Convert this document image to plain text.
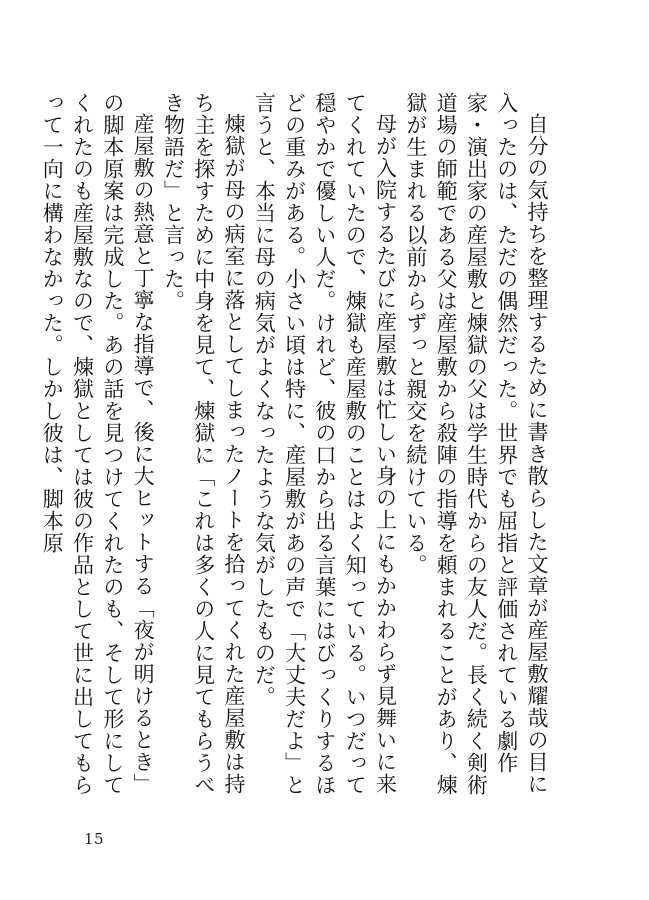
自分の気持ちを整理するために書き散らした文章が産屋敷耀哉の目に入ったのは、ただの偶然だった。世界でも屈指と評価されている劇作家・演出家の産屋敷と煉獄の父は学生時代からの友人だ。長く続く剣術道場の師範である父は産屋敷から殺陣の指導を頼まれることがあり、煉獄が生まれる以前からずっと親交を続けている。

母が入院するたびに産屋敷は忙しい身の上にもかかわらず見舞いに来てくれていたので、煉獄も産屋敷のことはよく知っている。いつだって穏やかで優しい人だ。けれど、彼の口から出る言葉にはびっくりするほどの重みがある。小さい頃は特に、産屋敷があの声で「大丈夫だよ」と言うと、本当に母の病気がよくなったような気がしたものだ。

煉獄が母の病室に落としてしまったノートを拾ってくれた産屋敷は持ち主を探すために中身を見て、煉獄に「これは多くの人に見てもらうべき物語だ」と言った。

産屋敷の熱意と丁寧な指導で、後に大ヒットする「夜が明けるとき」の脚本原案は完成した。あの話を見つけてくれたのも、そして形にしてくれたのも産屋敷なので、煉獄としては彼の作品として世に出してもらって一向に構わなかった。しかし彼は、脚本原

15
